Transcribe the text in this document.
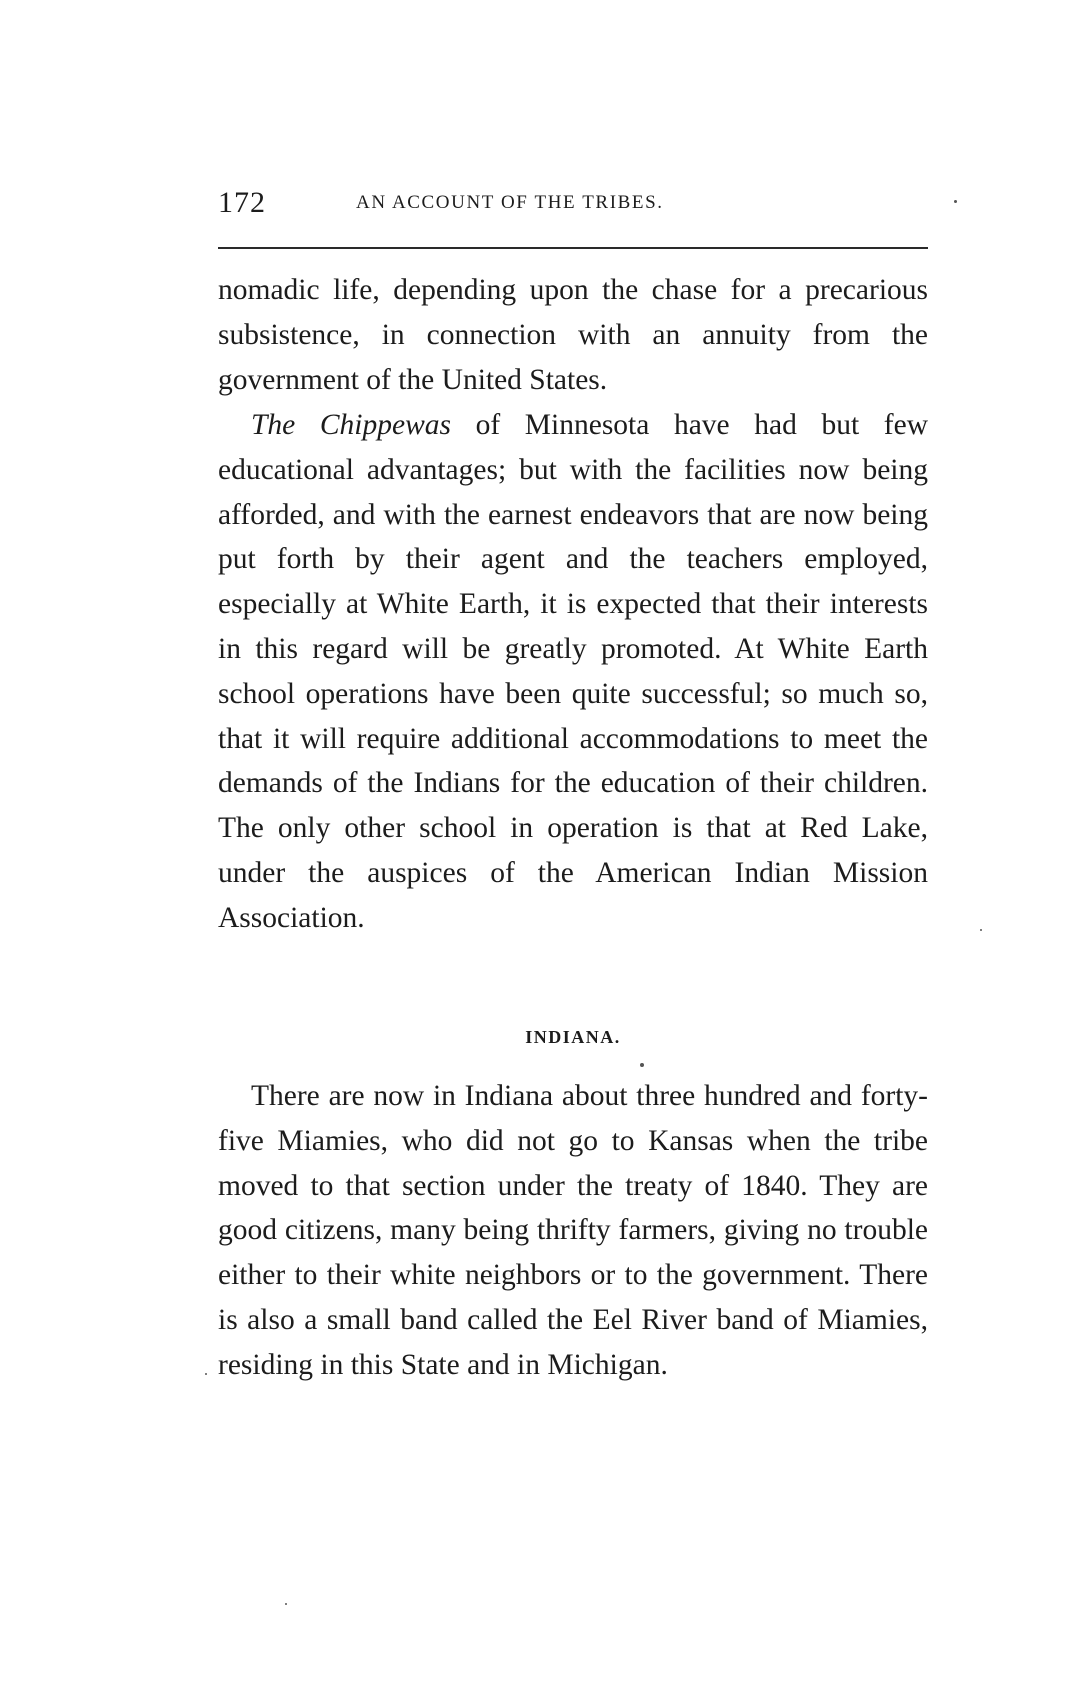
172	AN ACCOUNT OF THE TRIBES.

nomadic life, depending upon the chase for a precarious subsistence, in connection with an annuity from the government of the United States.

The Chippewas of Minnesota have had but few educational advantages; but with the facilities now being afforded, and with the earnest endeavors that are now being put forth by their agent and the teachers employed, especially at White Earth, it is expected that their interests in this regard will be greatly promoted. At White Earth school operations have been quite successful; so much so, that it will require additional accommodations to meet the demands of the Indians for the education of their children. The only other school in operation is that at Red Lake, under the auspices of the American Indian Mission Association.

INDIANA.

There are now in Indiana about three hundred and forty-five Miamies, who did not go to Kansas when the tribe moved to that section under the treaty of 1840. They are good citizens, many being thrifty farmers, giving no trouble either to their white neighbors or to the government. There is also a small band called the Eel River band of Miamies, residing in this State and in Michigan.
